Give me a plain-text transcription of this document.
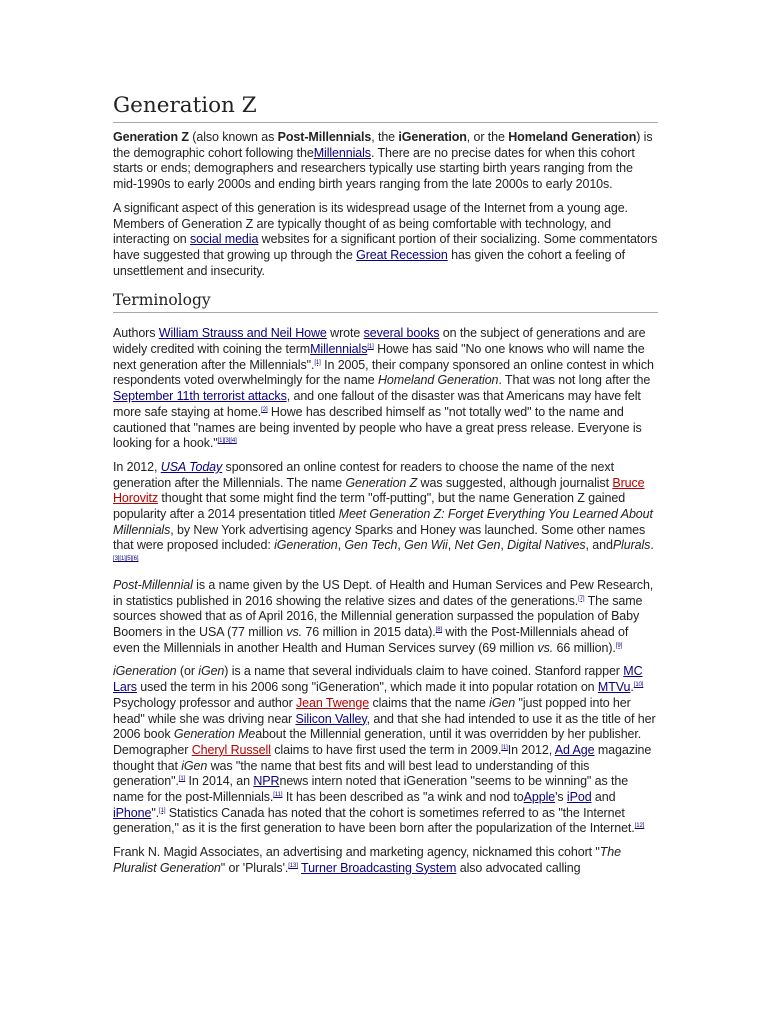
Generation Z

Generation Z (also known as Post-Millennials, the iGeneration, or the Homeland Generation) is the demographic cohort following theMillennials. There are no precise dates for when this cohort starts or ends; demographers and researchers typically use starting birth years ranging from the mid-1990s to early 2000s and ending birth years ranging from the late 2000s to early 2010s.

A significant aspect of this generation is its widespread usage of the Internet from a young age. Members of Generation Z are typically thought of as being comfortable with technology, and interacting on social media websites for a significant portion of their socializing. Some commentators have suggested that growing up through the Great Recession has given the cohort a feeling of unsettlement and insecurity.

Terminology

Authors William Strauss and Neil Howe wrote several books on the subject of generations and are widely credited with coining the termMillennials[1] Howe has said "No one knows who will name the next generation after the Millennials".[1] In 2005, their company sponsored an online contest in which respondents voted overwhelmingly for the name Homeland Generation. That was not long after the September 11th terrorist attacks, and one fallout of the disaster was that Americans may have felt more safe staying at home.[2] Howe has described himself as "not totally wed" to the name and cautioned that "names are being invented by people who have a great press release. Everyone is looking for a hook."[1][3][4]

In 2012, USA Today sponsored an online contest for readers to choose the name of the next generation after the Millennials. The name Generation Z was suggested, although journalist Bruce Horovitz thought that some might find the term "off-putting", but the name Generation Z gained popularity after a 2014 presentation titled Meet Generation Z: Forget Everything You Learned About Millennials, by New York advertising agency Sparks and Honey was launched. Some other names that were proposed included: iGeneration, Gen Tech, Gen Wii, Net Gen, Digital Natives, andPlurals.[3][1][5][6]

Post-Millennial is a name given by the US Dept. of Health and Human Services and Pew Research, in statistics published in 2016 showing the relative sizes and dates of the generations.[7] The same sources showed that as of April 2016, the Millennial generation surpassed the population of Baby Boomers in the USA (77 million vs. 76 million in 2015 data).[8] with the Post-Millennials ahead of even the Millennials in another Health and Human Services survey (69 million vs. 66 million).[9]

iGeneration (or iGen) is a name that several individuals claim to have coined. Stanford rapper MC Lars used the term in his 2006 song "iGeneration", which made it into popular rotation on MTVu.[10] Psychology professor and author Jean Twenge claims that the name iGen "just popped into her head" while she was driving near Silicon Valley, and that she had intended to use it as the title of her 2006 book Generation Meabout the Millennial generation, until it was overridden by her publisher. Demographer Cheryl Russell claims to have first used the term in 2009.[1]In 2012, Ad Age magazine thought that iGen was "the name that best fits and will best lead to understanding of this generation".[1] In 2014, an NPRnews intern noted that iGeneration "seems to be winning" as the name for the post-Millennials.[11] It has been described as "a wink and nod toApple's iPod and iPhone".[1] Statistics Canada has noted that the cohort is sometimes referred to as "the Internet generation," as it is the first generation to have been born after the popularization of the Internet.[12]

Frank N. Magid Associates, an advertising and marketing agency, nicknamed this cohort "The Pluralist Generation" or 'Plurals'.[13] Turner Broadcasting System also advocated calling
